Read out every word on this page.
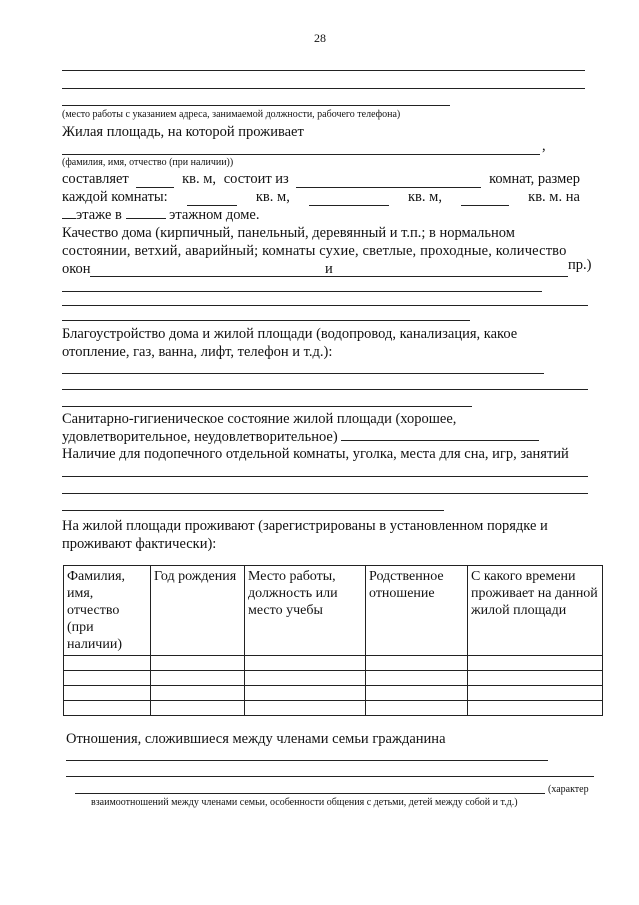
28
(место работы с указанием адреса, занимаемой должности, рабочего телефона)
Жилая площадь, на которой проживает
,
(фамилия, имя, отчество (при наличии))
составляет	кв. м, состоит из	комнат, размер
каждой комнаты:	кв. м,	кв. м,	кв. м. на
этаже в	этажном доме.
Качество дома (кирпичный, панельный, деревянный и т.п.; в нормальном
состоянии, ветхий, аварийный; комнаты сухие, светлые, проходные, количество
окон	и	пр.)
Благоустройство дома и жилой площади (водопровод, канализация, какое
отопление, газ, ванна, лифт, телефон и т.д.):
Санитарно-гигиеническое состояние жилой площади (хорошее,
удовлетворительное, неудовлетворительное)
Наличие для подопечного отдельной комнаты, уголка, места для сна, игр, занятий
На жилой площади проживают (зарегистрированы в установленном порядке и
проживают фактически):
Фамилия, имя, отчество (при наличии)	Год рождения	Место работы, должность или место учебы	Родственное отношение	С какого времени проживает на данной жилой площади

Отношения, сложившиеся между членами семьи гражданина
(характер
взаимоотношений между членами семьи, особенности общения с детьми, детей между собой и т.д.)
